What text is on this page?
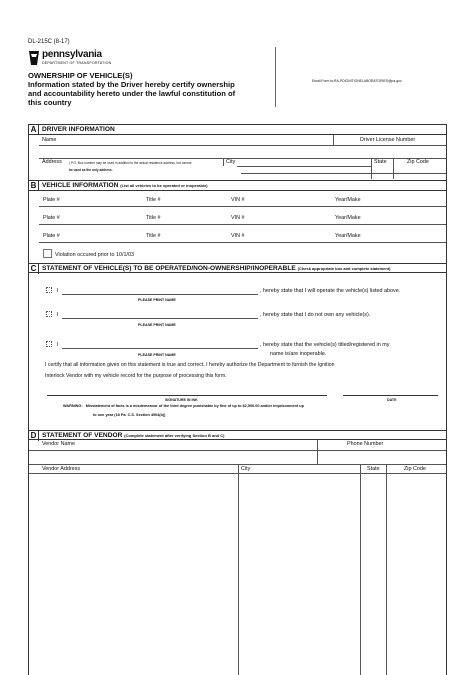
DL-215C (8-17)
pennsylvania
DEPARTMENT OF TRANSPORTATION
OWNERSHIP OF VEHICLE(S)
Information stated by the Driver hereby certify ownership
and accountability hereto under the lawful constitution of
this country
Email Form to:RA-PDIGNITIONELABORATORIES@pa.gov
A DRIVER INFORMATION
Name	Driver License Number
Address ( P.O. Box number may be used in addition to the actual residence address, but cannot
be used as the only address.
City	State	Zip Code
B VEHICLE INFORMATION (List all vehicles to be operated or inoperable)
Plate #	Title #	VIN #	Year/Make
Plate #	Title #	VIN #	Year/Make
Plate #	Title #	VIN #	Year/Make
Violation occured prior to 10/1/03
C STATEMENT OF VEHICLE(S) TO BE OPERATED/NON-OWNERSHIP/INOPERABLE (Check appropriate box and complete statement)
I	, hereby state that I will operate the vehicle(s) listed above.
PLEASE PRINT NAME
I	, hereby state that I do not own any vehicle(s).
PLEASE PRINT NAME
I	, hereby state that the vehicle(s) titled/registered in my
name is/are inoperable.
PLEASE PRINT NAME
I certify that all information given on this statement is true and correct. I hereby authorize the Department to furnish the Ignition
Interlock Vendor with my vehicle record for the purpose of processing this form.
SIGNATURE IN INK	DATE
WARNING: Misstatement of facts is a misdemeanor of the third degree punishable by fine of up to $2,500.00 and/or imprisonment up
to one year (18 Pa. C.S. Section 4904(b))
D STATEMENT OF VENDOR (Complete statement after verifying Section B and C)
Vendor Name	Phone Number
Vendor Address	City	State	Zip Code
